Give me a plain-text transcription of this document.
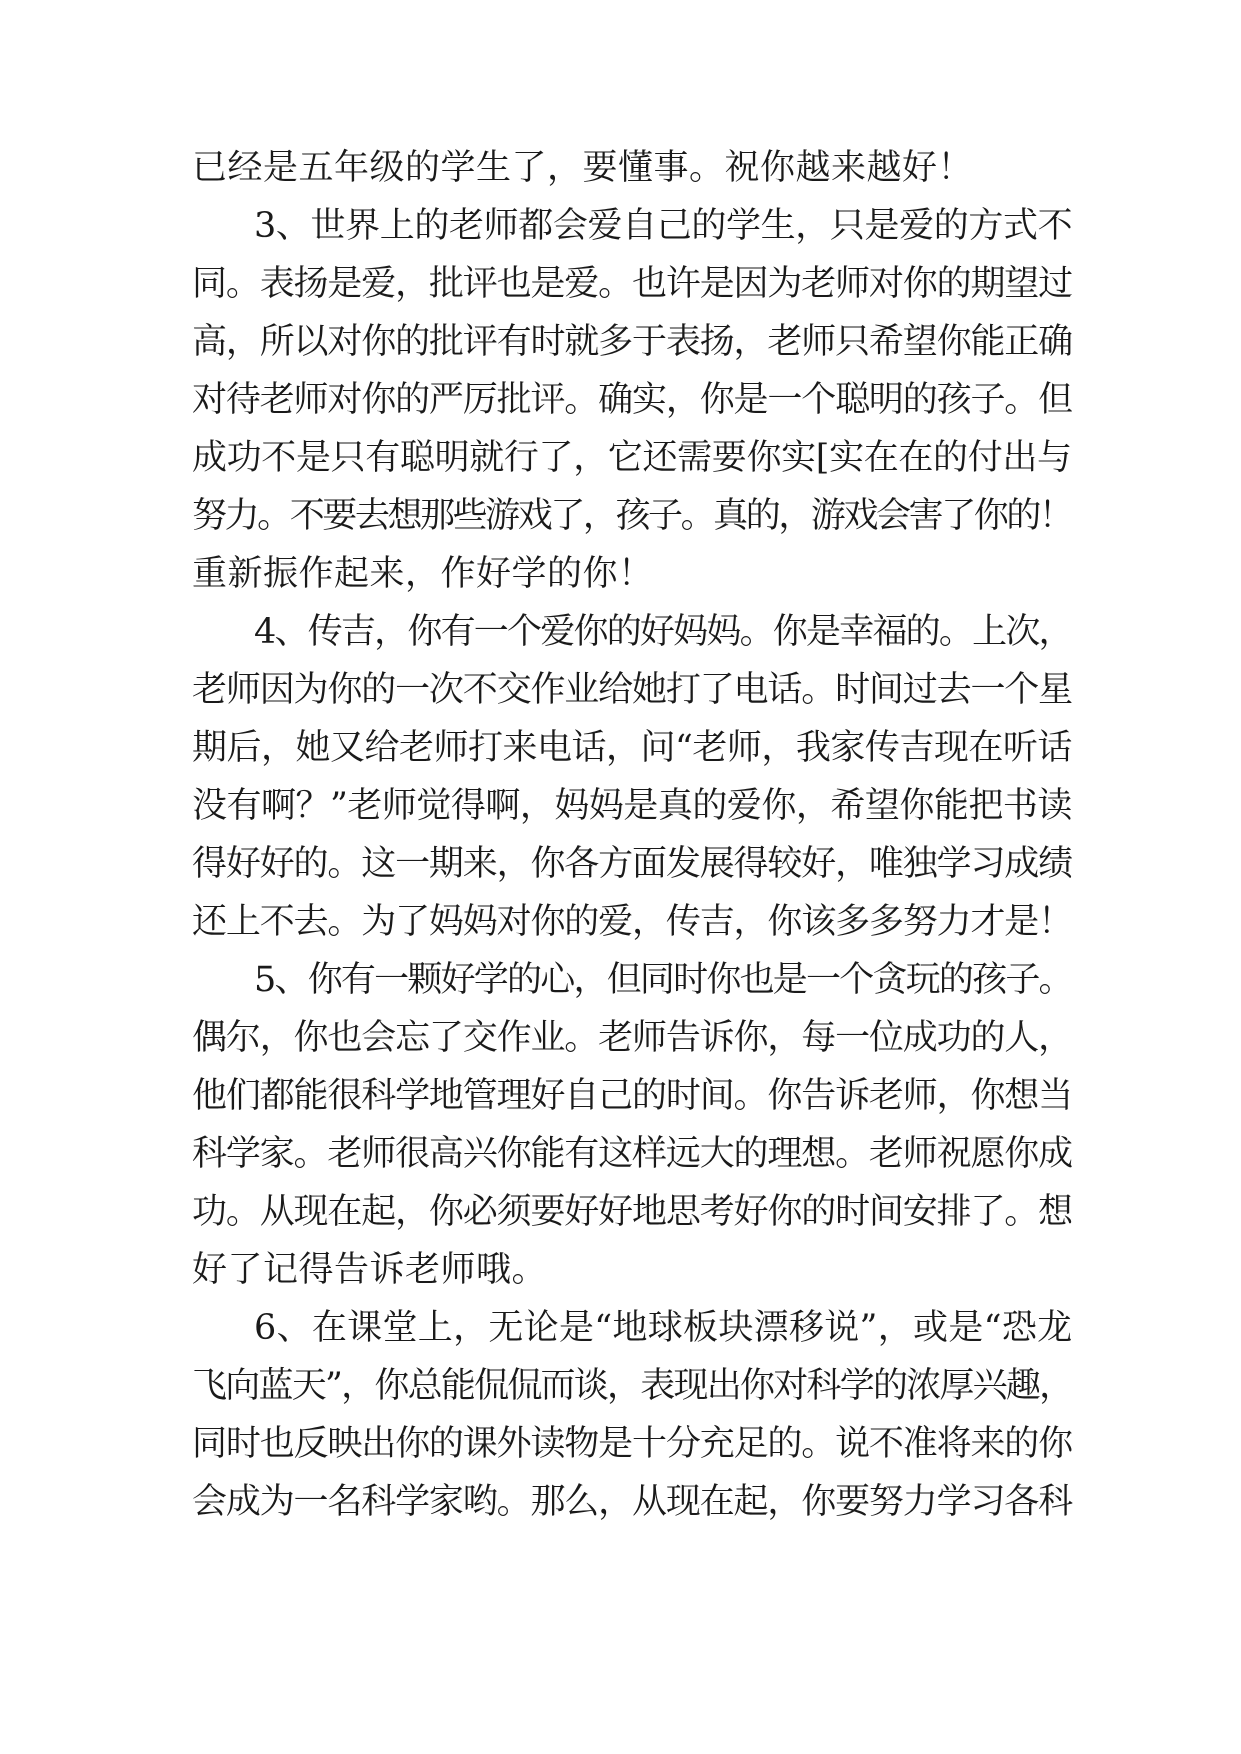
已经是五年级的学生了，要懂事。祝你越来越好！
3、世界上的老师都会爱自己的学生，只是爱的方式不
同。表扬是爱，批评也是爱。也许是因为老师对你的期望过
高，所以对你的批评有时就多于表扬，老师只希望你能正确
对待老师对你的严厉批评。确实，你是一个聪明的孩子。但
成功不是只有聪明就行了，它还需要你实[实在在的付出与
努力。不要去想那些游戏了，孩子。真的，游戏会害了你的！
重新振作起来，作好学的你！
4、传吉，你有一个爱你的好妈妈。你是幸福的。上次，
老师因为你的一次不交作业给她打了电话。时间过去一个星
期后，她又给老师打来电话，问“老师，我家传吉现在听话
没有啊？”老师觉得啊，妈妈是真的爱你，希望你能把书读
得好好的。这一期来，你各方面发展得较好，唯独学习成绩
还上不去。为了妈妈对你的爱，传吉，你该多多努力才是！
5、你有一颗好学的心，但同时你也是一个贪玩的孩子。
偶尔，你也会忘了交作业。老师告诉你，每一位成功的人，
他们都能很科学地管理好自己的时间。你告诉老师，你想当
科学家。老师很高兴你能有这样远大的理想。老师祝愿你成
功。从现在起，你必须要好好地思考好你的时间安排了。想
好了记得告诉老师哦。
6、在课堂上，无论是“地球板块漂移说”，或是“恐龙
飞向蓝天”，你总能侃侃而谈，表现出你对科学的浓厚兴趣，
同时也反映出你的课外读物是十分充足的。说不准将来的你
会成为一名科学家哟。那么，从现在起，你要努力学习各科
